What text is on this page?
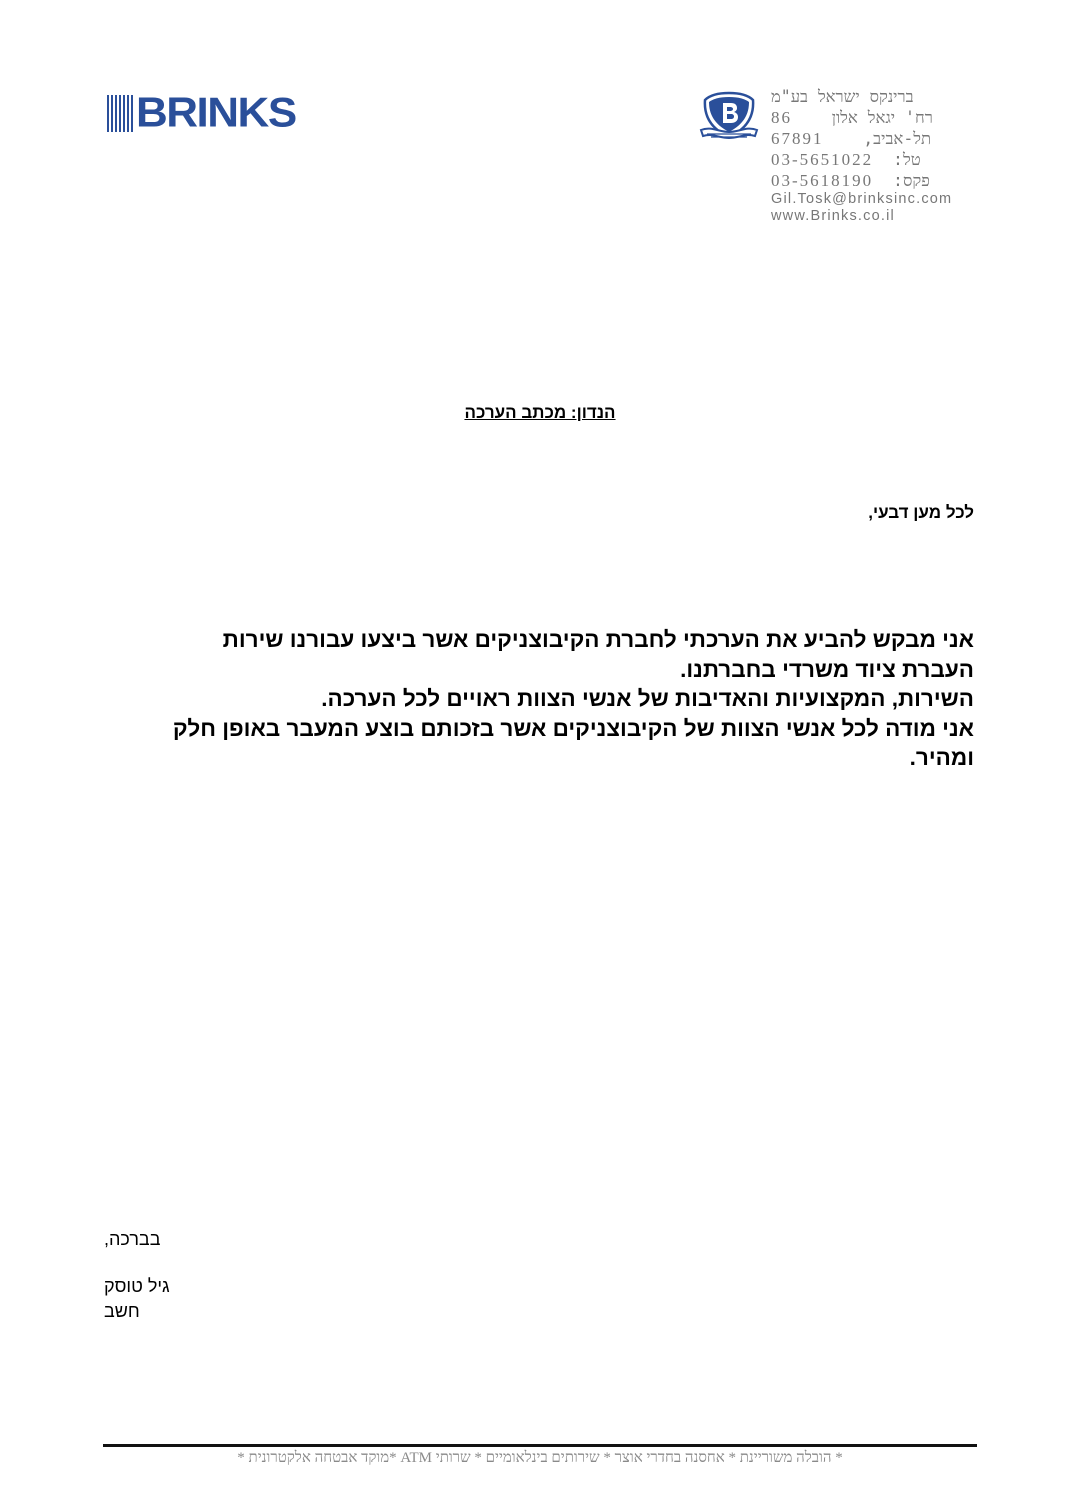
BRINKS	ברינקס ישראל בע"מ
86 רח' יגאל אלון
67891 תל-אביב,
03-5651022 טל:
03-5618190 פקס:
Gil.Tosk@brinksinc.com
www.Brinks.co.il
הנדון: מכתב הערכה
לכל מען דבעי,
אני מבקש להביע את הערכתי לחברת הקיבוצניקים אשר ביצעו עבורנו שירות
העברת ציוד משרדי בחברתנו.
השירות, המקצועיות והאדיבות של אנשי הצוות ראויים לכל הערכה.
אני מודה לכל אנשי הצוות של הקיבוצניקים אשר בזכותם בוצע המעבר באופן חלק
ומהיר.
בברכה,
גיל טוסק
חשב
* הובלה משוריינת * אחסנה בחדרי אוצר * שירותים בינלאומיים * שרותי ATM *מוקד אבטחה אלקטרונית *
